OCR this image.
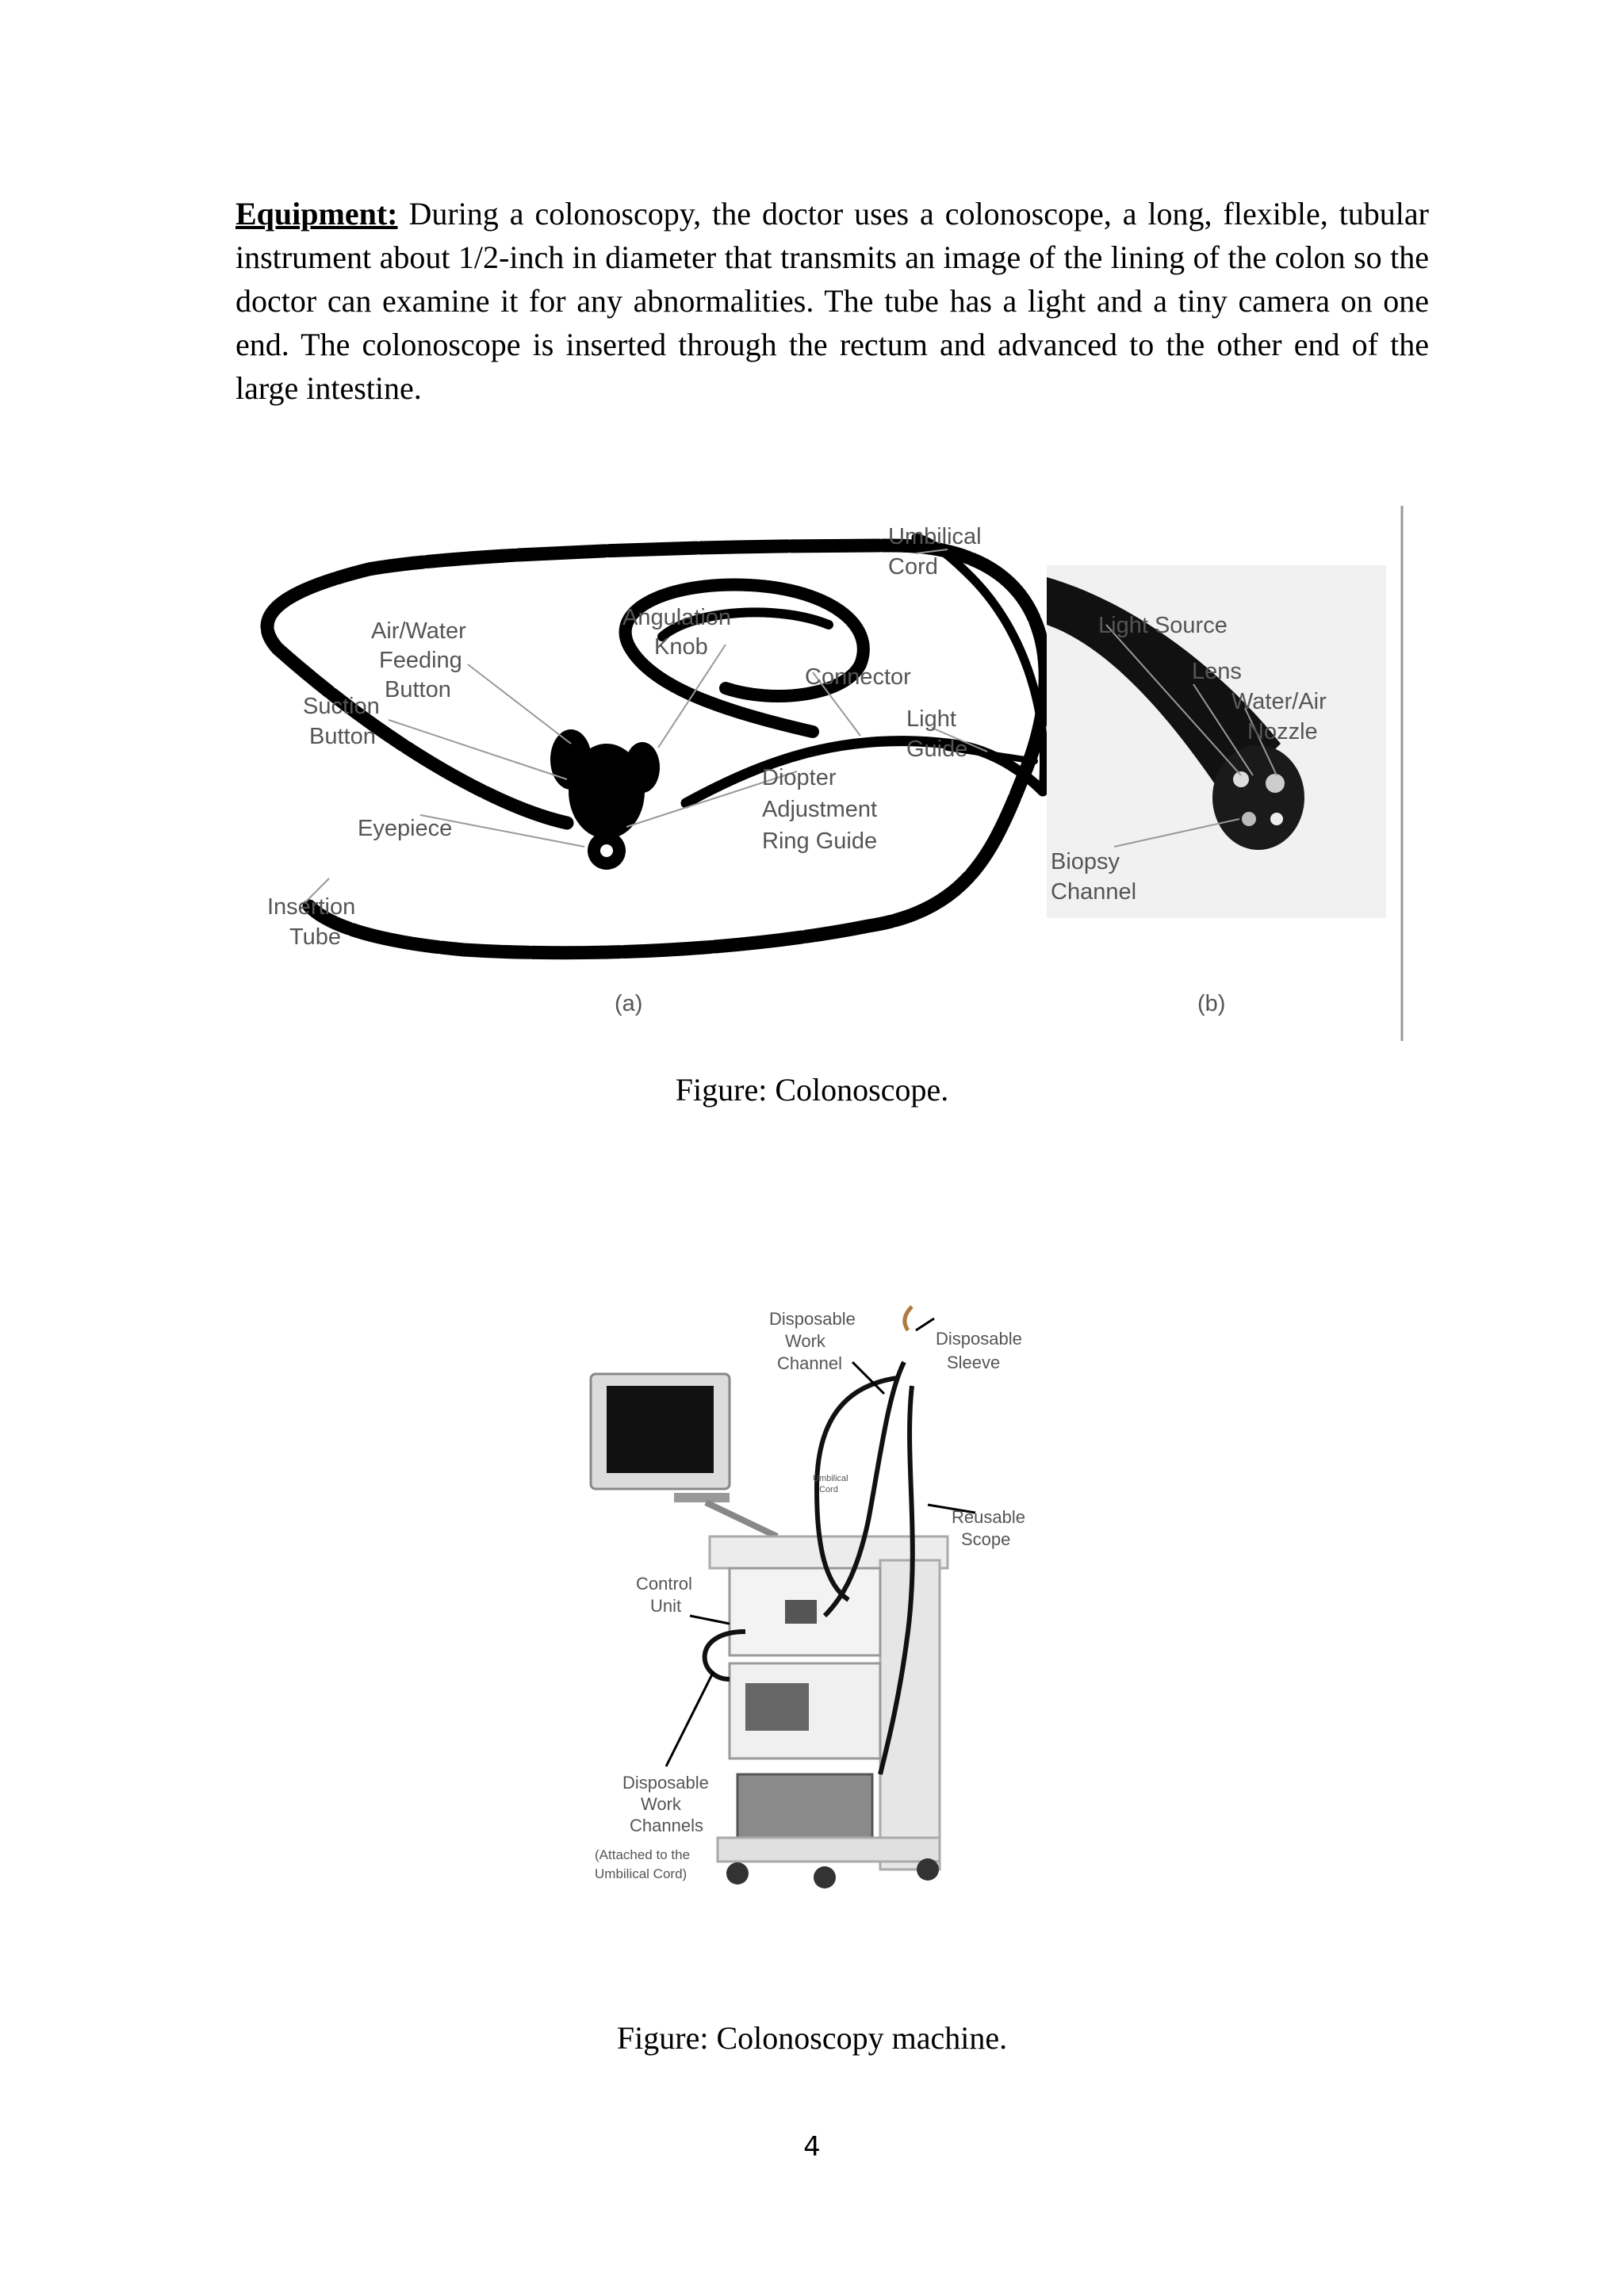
Equipment: During a colonoscopy, the doctor uses a colonoscope, a long, flexible, tubular instrument about 1/2-inch in diameter that transmits an image of the lining of the colon so the doctor can examine it for any abnormalities. The tube has a light and a tiny camera on one end. The colonoscope is inserted through the rectum and advanced to the other end of the large intestine.

Umbilical Cord
Air/Water Feeding Button
Angulation Knob
Connector
Suction Button
Light Guide
Diopter Adjustment Ring Guide
Eyepiece
Insertion Tube
(a)
Light Source
Lens
Water/Air Nozzle
Biopsy Channel
(b)

Figure: Colonoscope.

Disposable Work Channel
Disposable Sleeve
Umbilical Cord
Reusable Scope
Control Unit
Disposable Work Channels
(Attached to the Umbilical Cord)

Figure: Colonoscopy machine.

4
